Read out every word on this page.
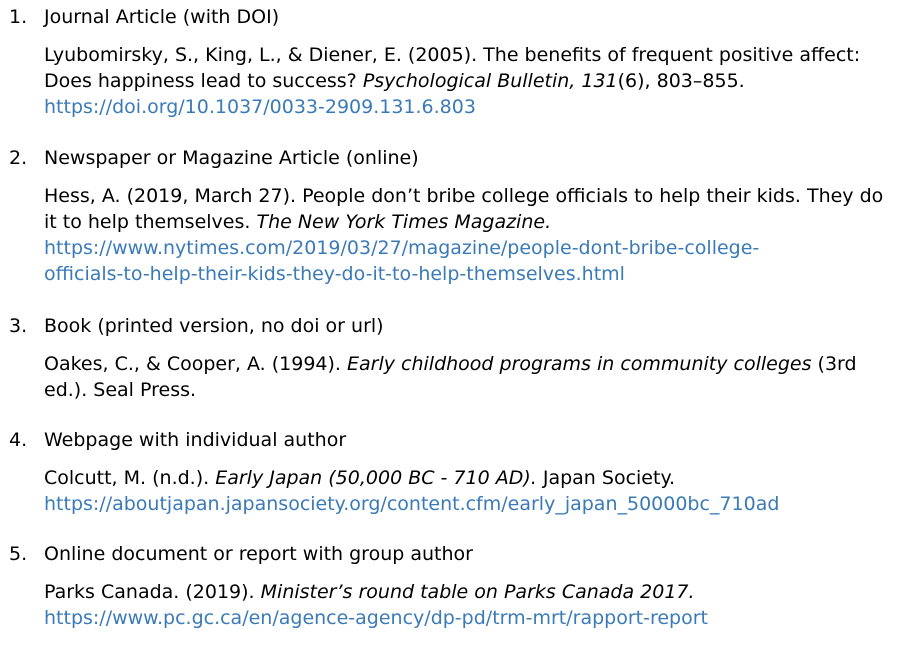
1. Journal Article (with DOI)
Lyubomirsky, S., King, L., & Diener, E. (2005). The benefits of frequent positive affect:
Does happiness lead to success? Psychological Bulletin, 131(6), 803–855.
https://doi.org/10.1037/0033-2909.131.6.803
2. Newspaper or Magazine Article (online)
Hess, A. (2019, March 27). People don’t bribe college officials to help their kids. They do
it to help themselves. The New York Times Magazine.
https://www.nytimes.com/2019/03/27/magazine/people-dont-bribe-college-
officials-to-help-their-kids-they-do-it-to-help-themselves.html
3. Book (printed version, no doi or url)
Oakes, C., & Cooper, A. (1994). Early childhood programs in community colleges (3rd
ed.). Seal Press.
4. Webpage with individual author
Colcutt, M. (n.d.). Early Japan (50,000 BC - 710 AD). Japan Society.
https://aboutjapan.japansociety.org/content.cfm/early_japan_50000bc_710ad
5. Online document or report with group author
Parks Canada. (2019). Minister’s round table on Parks Canada 2017.
https://www.pc.gc.ca/en/agence-agency/dp-pd/trm-mrt/rapport-report
